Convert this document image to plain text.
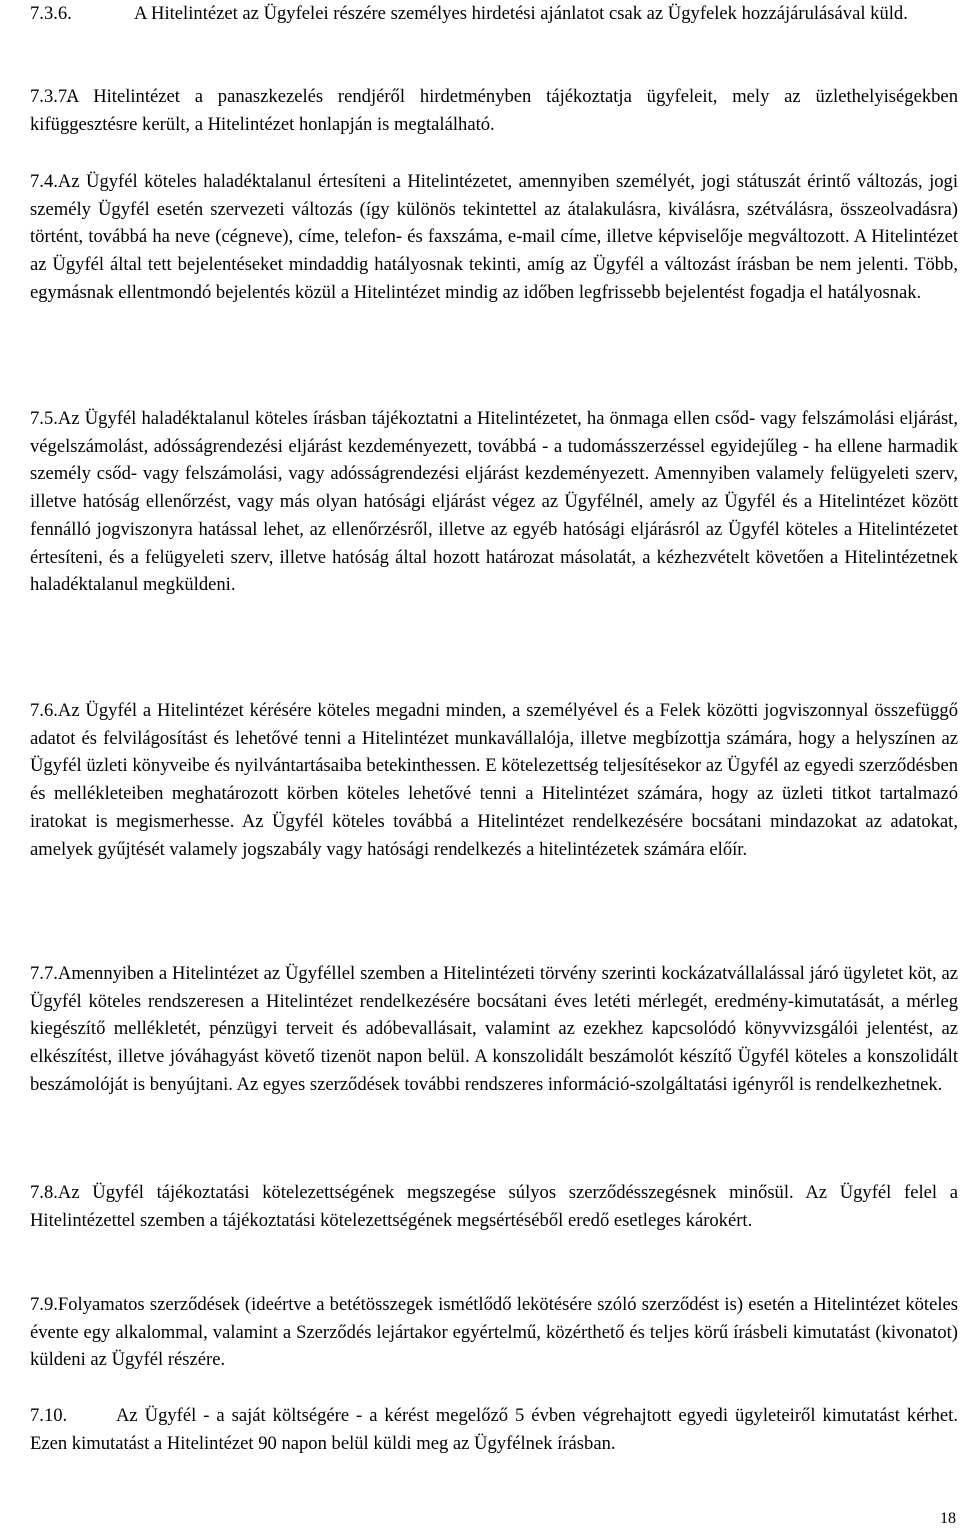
7.3.6.	A Hitelintézet az Ügyfelei részére személyes hirdetési ajánlatot csak az Ügyfelek hozzájárulásával küld.

7.3.7.A Hitelintézet a panaszkezelés rendjéről hirdetményben tájékoztatja ügyfeleit, mely az üzlethelyiségekben kifüggesztésre került, a Hitelintézet honlapján is megtalálható.

7.4.Az Ügyfél köteles haladéktalanul értesíteni a Hitelintézetet, amennyiben személyét, jogi státuszát érintő változás, jogi személy Ügyfél esetén szervezeti változás (így különös tekintettel az átalakulásra, kiválásra, szétválásra, összeolvadásra) történt, továbbá ha neve (cégneve), címe, telefon- és faxszáma, e-mail címe, illetve képviselője megváltozott. A Hitelintézet az Ügyfél által tett bejelentéseket mindaddig hatályosnak tekinti, amíg az Ügyfél a változást írásban be nem jelenti. Több, egymásnak ellentmondó bejelentés közül a Hitelintézet mindig az időben legfrissebb bejelentést fogadja el hatályosnak.

7.5.Az Ügyfél haladéktalanul köteles írásban tájékoztatni a Hitelintézetet, ha önmaga ellen csőd- vagy felszámolási eljárást, végelszámolást, adósságrendezési eljárást kezdeményezett, továbbá - a tudomásszerzéssel egyidejűleg - ha ellene harmadik személy csőd- vagy felszámolási, vagy adósságrendezési eljárást kezdeményezett. Amennyiben valamely felügyeleti szerv, illetve hatóság ellenőrzést, vagy más olyan hatósági eljárást végez az Ügyfélnél, amely az Ügyfél és a Hitelintézet között fennálló jogviszonyra hatással lehet, az ellenőrzésről, illetve az egyéb hatósági eljárásról az Ügyfél köteles a Hitelintézetet értesíteni, és a felügyeleti szerv, illetve hatóság által hozott határozat másolatát, a kézhezvételt követően a Hitelintézetnek haladéktalanul megküldeni.

7.6.Az Ügyfél a Hitelintézet kérésére köteles megadni minden, a személyével és a Felek közötti jogviszonnyal összefüggő adatot és felvilágosítást és lehetővé tenni a Hitelintézet munkavállalója, illetve megbízottja számára, hogy a helyszínen az Ügyfél üzleti könyveibe és nyilvántartásaiba betekinthessen. E kötelezettség teljesítésekor az Ügyfél az egyedi szerződésben és mellékleteiben meghatározott körben köteles lehetővé tenni a Hitelintézet számára, hogy az üzleti titkot tartalmazó iratokat is megismerhesse. Az Ügyfél köteles továbbá a Hitelintézet rendelkezésére bocsátani mindazokat az adatokat, amelyek gyűjtését valamely jogszabály vagy hatósági rendelkezés a hitelintézetek számára előír.

7.7.Amennyiben a Hitelintézet az Ügyféllel szemben a Hitelintézeti törvény szerinti kockázatvállalással járó ügyletet köt, az Ügyfél köteles rendszeresen a Hitelintézet rendelkezésére bocsátani éves letéti mérlegét, eredmény-kimutatását, a mérleg kiegészítő mellékletét, pénzügyi terveit és adóbevallásait, valamint az ezekhez kapcsolódó könyvvizsgálói jelentést, az elkészítést, illetve jóváhagyást követő tizenöt napon belül. A konszolidált beszámolót készítő Ügyfél köteles a konszolidált beszámolóját is benyújtani. Az egyes szerződések további rendszeres információ-szolgáltatási igényről is rendelkezhetnek.

7.8.Az Ügyfél tájékoztatási kötelezettségének megszegése súlyos szerződésszegésnek minősül. Az Ügyfél felel a Hitelintézettel szemben a tájékoztatási kötelezettségének megsértéséből eredő esetleges károkért.

7.9.Folyamatos szerződések (ideértve a betétösszegek ismétlődő lekötésére szóló szerződést is) esetén a Hitelintézet köteles évente egy alkalommal, valamint a Szerződés lejártakor egyértelmű, közérthető és teljes körű írásbeli kimutatást (kivonatot) küldeni az Ügyfél részére.

7.10.	Az Ügyfél - a saját költségére - a kérést megelőző 5 évben végrehajtott egyedi ügyleteiről kimutatást kérhet. Ezen kimutatást a Hitelintézet 90 napon belül küldi meg az Ügyfélnek írásban.

18
